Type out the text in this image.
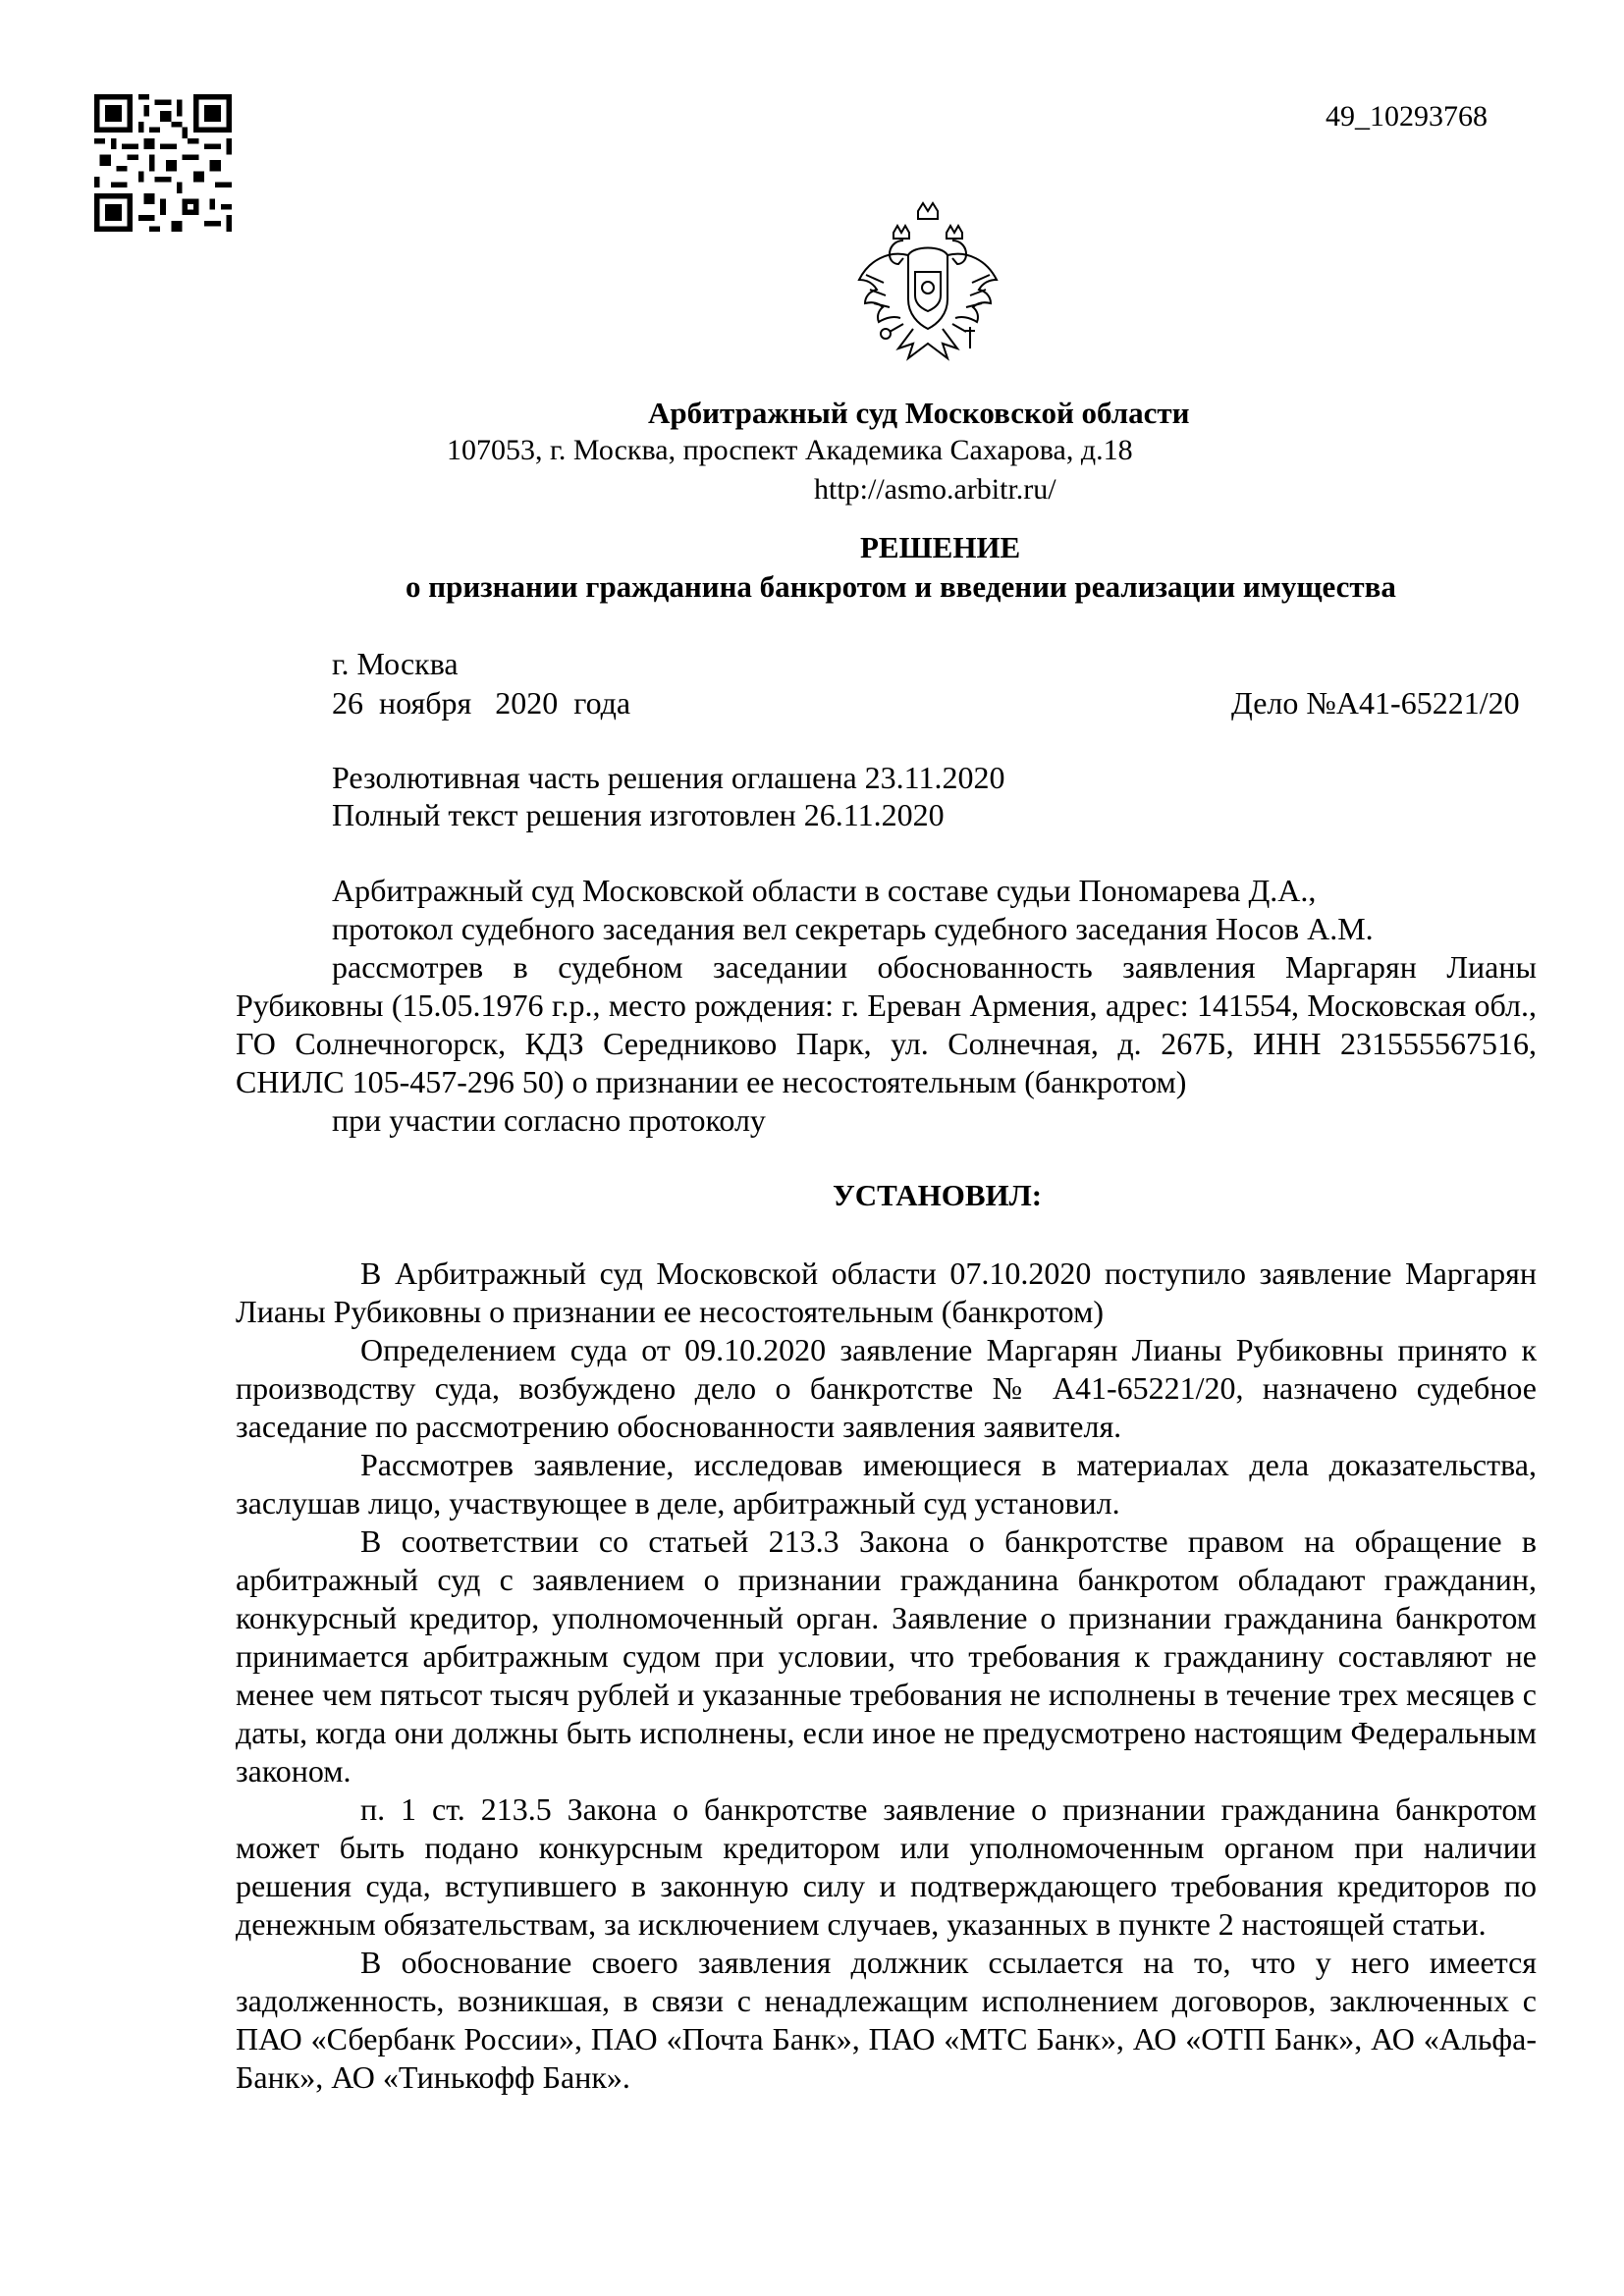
49_10293768
Арбитражный суд Московской области
107053, г. Москва, проспект Академика Сахарова, д.18
http://asmo.arbitr.ru/
РЕШЕНИЕ
о признании гражданина банкротом и введении реализации имущества
г. Москва
26  ноября   2020  года	Дело №А41-65221/20
Резолютивная часть решения оглашена 23.11.2020
Полный текст решения изготовлен 26.11.2020
Арбитражный суд Московской области в составе судьи Пономарева Д.А.,
протокол судебного заседания вел секретарь судебного заседания Носов А.М.
рассмотрев в судебном заседании обоснованность заявления Маргарян Лианы Рубиковны (15.05.1976 г.р., место рождения: г. Ереван Армения, адрес: 141554, Московская обл., ГО Солнечногорск, КДЗ Середниково Парк, ул. Солнечная, д. 267Б, ИНН 231555567516, СНИЛС 105-457-296 50) о признании ее несостоятельным (банкротом)
при участии согласно протоколу
УСТАНОВИЛ:
В Арбитражный суд Московской области 07.10.2020 поступило заявление Маргарян Лианы Рубиковны о признании ее несостоятельным (банкротом)
Определением суда от 09.10.2020 заявление Маргарян Лианы Рубиковны принято к производству суда, возбуждено дело о банкротстве № А41-65221/20, назначено судебное заседание по рассмотрению обоснованности заявления заявителя.
Рассмотрев заявление, исследовав имеющиеся в материалах дела доказательства, заслушав лицо, участвующее в деле, арбитражный суд установил.
В соответствии со статьей 213.3 Закона о банкротстве правом на обращение в арбитражный суд с заявлением о признании гражданина банкротом обладают гражданин, конкурсный кредитор, уполномоченный орган. Заявление о признании гражданина банкротом принимается арбитражным судом при условии, что требования к гражданину составляют не менее чем пятьсот тысяч рублей и указанные требования не исполнены в течение трех месяцев с даты, когда они должны быть исполнены, если иное не предусмотрено настоящим Федеральным законом.
п. 1 ст. 213.5 Закона о банкротстве заявление о признании гражданина банкротом может быть подано конкурсным кредитором или уполномоченным органом при наличии решения суда, вступившего в законную силу и подтверждающего требования кредиторов по денежным обязательствам, за исключением случаев, указанных в пункте 2 настоящей статьи.
В обоснование своего заявления должник ссылается на то, что у него имеется задолженность, возникшая, в связи с ненадлежащим исполнением договоров, заключенных с ПАО «Сбербанк России», ПАО «Почта Банк», ПАО «МТС Банк», АО «ОТП Банк», АО «Альфа-Банк», АО «Тинькофф Банк».
